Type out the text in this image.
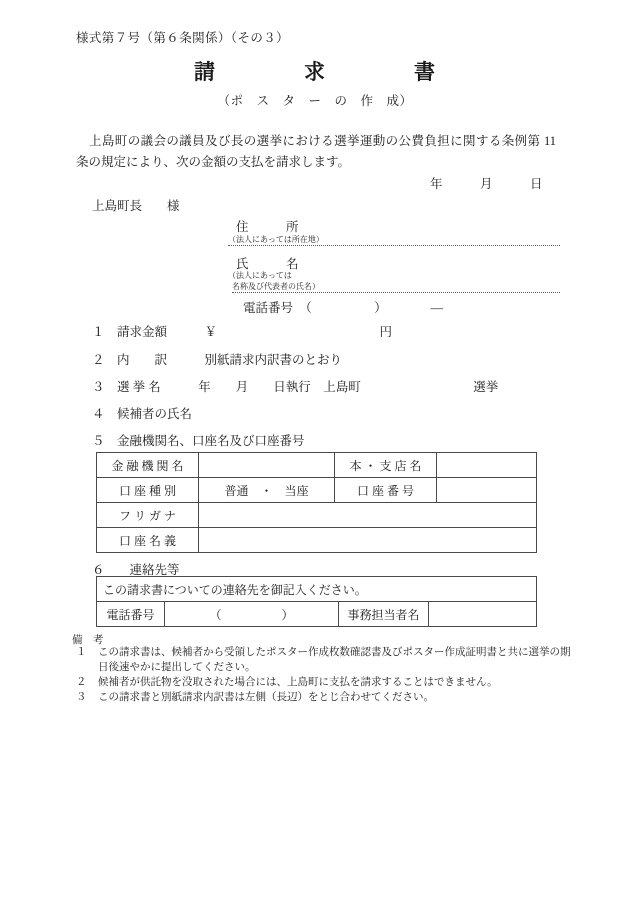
様式第７号（第６条関係）（その３）
請　　　　求　　　　書
（ポ　ス　タ　ー　の　作　成）
上島町の議会の議員及び長の選挙における選挙運動の公費負担に関する条例第 11 条の規定により、次の金額の支払を請求します。
年　　　月　　　日
上島町長　　様
住　　　所
（法人にあっては所在地）
氏　　　名
（法人にあっては
名称及び代表者の氏名）
電話番号　（　　　　　）　　　　―
１　請求金額　　　￥　　　　　　　　　　　　　円
２　内　　訳　　　別紙請求内訳書のとおり
３　選 挙 名　　　年　　月　　日執行　上島町　　　　　　　　　選挙
４　候補者の氏名
５　金融機関名、口座名及び口座番号
金 融 機 関 名		本 ・ 支 店 名	
口 座 種 別	普通　・　当座	口 座 番 号	
フ リ ガ ナ			
口 座 名 義			
６　　連絡先等
この請求書についての連絡先を御記入ください。
電話番号	（　　　　　）	事務担当者名	
備　考
１	この請求書は、候補者から受領したポスター作成枚数確認書及びポスター作成証明書と共に選挙の期日後速やかに提出してください。
２	候補者が供託物を没取された場合には、上島町に支払を請求することはできません。
３	この請求書と別紙請求内訳書は左側（長辺）をとじ合わせてください。
